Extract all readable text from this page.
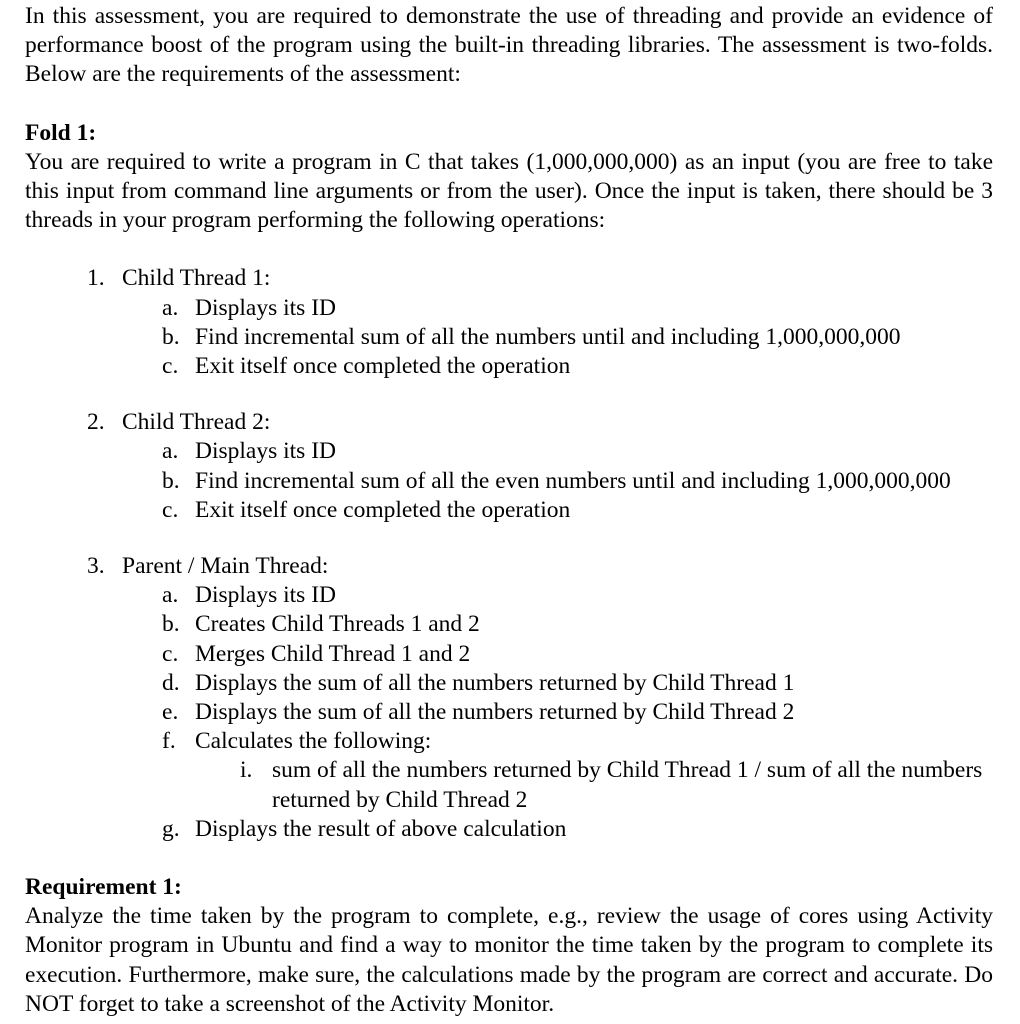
In this assessment, you are required to demonstrate the use of threading and provide an evidence of performance boost of the program using the built-in threading libraries. The assessment is two-folds. Below are the requirements of the assessment:

Fold 1:

You are required to write a program in C that takes (1,000,000,000) as an input (you are free to take this input from command line arguments or from the user). Once the input is taken, there should be 3 threads in your program performing the following operations:

Child Thread 1:
Displays its ID
Find incremental sum of all the numbers until and including 1,000,000,000
Exit itself once completed the operation
Child Thread 2:
Displays its ID
Find incremental sum of all the even numbers until and including 1,000,000,000
Exit itself once completed the operation
Parent / Main Thread:
Displays its ID
Creates Child Threads 1 and 2
Merges Child Thread 1 and 2
Displays the sum of all the numbers returned by Child Thread 1
Displays the sum of all the numbers returned by Child Thread 2
Calculates the following:
sum of all the numbers returned by Child Thread 1 / sum of all the numbers returned by Child Thread 2
Displays the result of above calculation
Requirement 1:

Analyze the time taken by the program to complete, e.g., review the usage of cores using Activity Monitor program in Ubuntu and find a way to monitor the time taken by the program to complete its execution. Furthermore, make sure, the calculations made by the program are correct and accurate. Do NOT forget to take a screenshot of the Activity Monitor.
